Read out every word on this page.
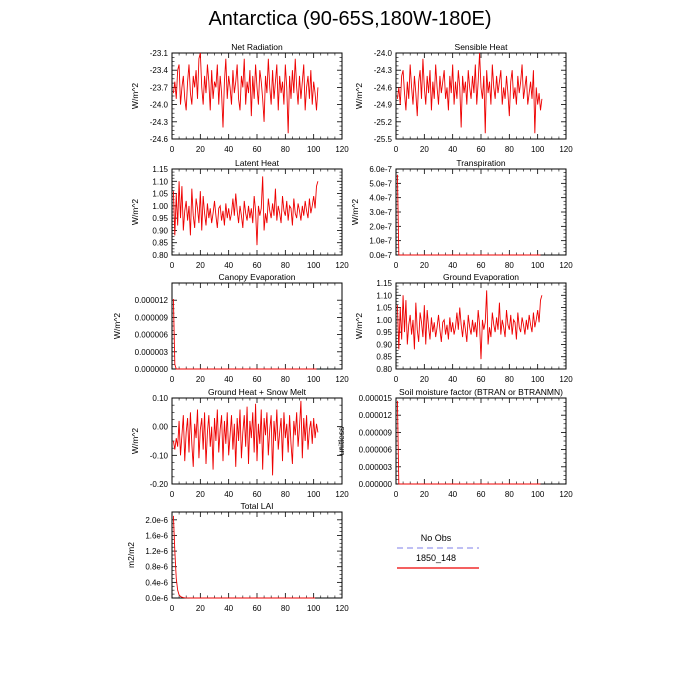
Antarctica (90-65S,180W-180E)
0	20 40 60 80 100 120
-24.6
-24.3
-24.0
-23.7
-23.4
-23.1
Net Radiation
W/m^2
0	20 40 60 80 100 120
-25.5
-25.2
-24.9
-24.6
-24.3
-24.0
Sensible Heat
W/m^2
0	20 40 60 80 100 120
0.80
0.85
0.90
0.95
1.00
1.05
1.10
1.15
Latent Heat
W/m^2
0	20 40 60 80 100 120
0.0e-7
1.0e-7
2.0e-7
3.0e-7
4.0e-7
5.0e-7
6.0e-7
Transpiration
W/m^2
0	20 40 60 80 100 120
0.000000
0.000003
0.000006
0.000009
0.000012
Canopy Evaporation
W/m^2
0	20 40 60 80 100 120
0.80
0.85
0.90
0.95
1.00
1.05
1.10
1.15
Ground Evaporation
W/m^2
0	20 40 60 80 100 120
-0.20
-0.10
0.00
0.10
Ground Heat + Snow Melt
W/m^2
0	20 40 60 80 100 120
0.000000
0.000003
0.000006
0.000009
0.000012
0.000015
Soil moisture factor (BTRAN or BTRANMN)
unitless
0	20 40 60 80 100 120
0.0e-6
0.4e-6
0.8e-6
1.2e-6
1.6e-6
2.0e-6
Total LAI
m2/m2
No Obs
1850_148
